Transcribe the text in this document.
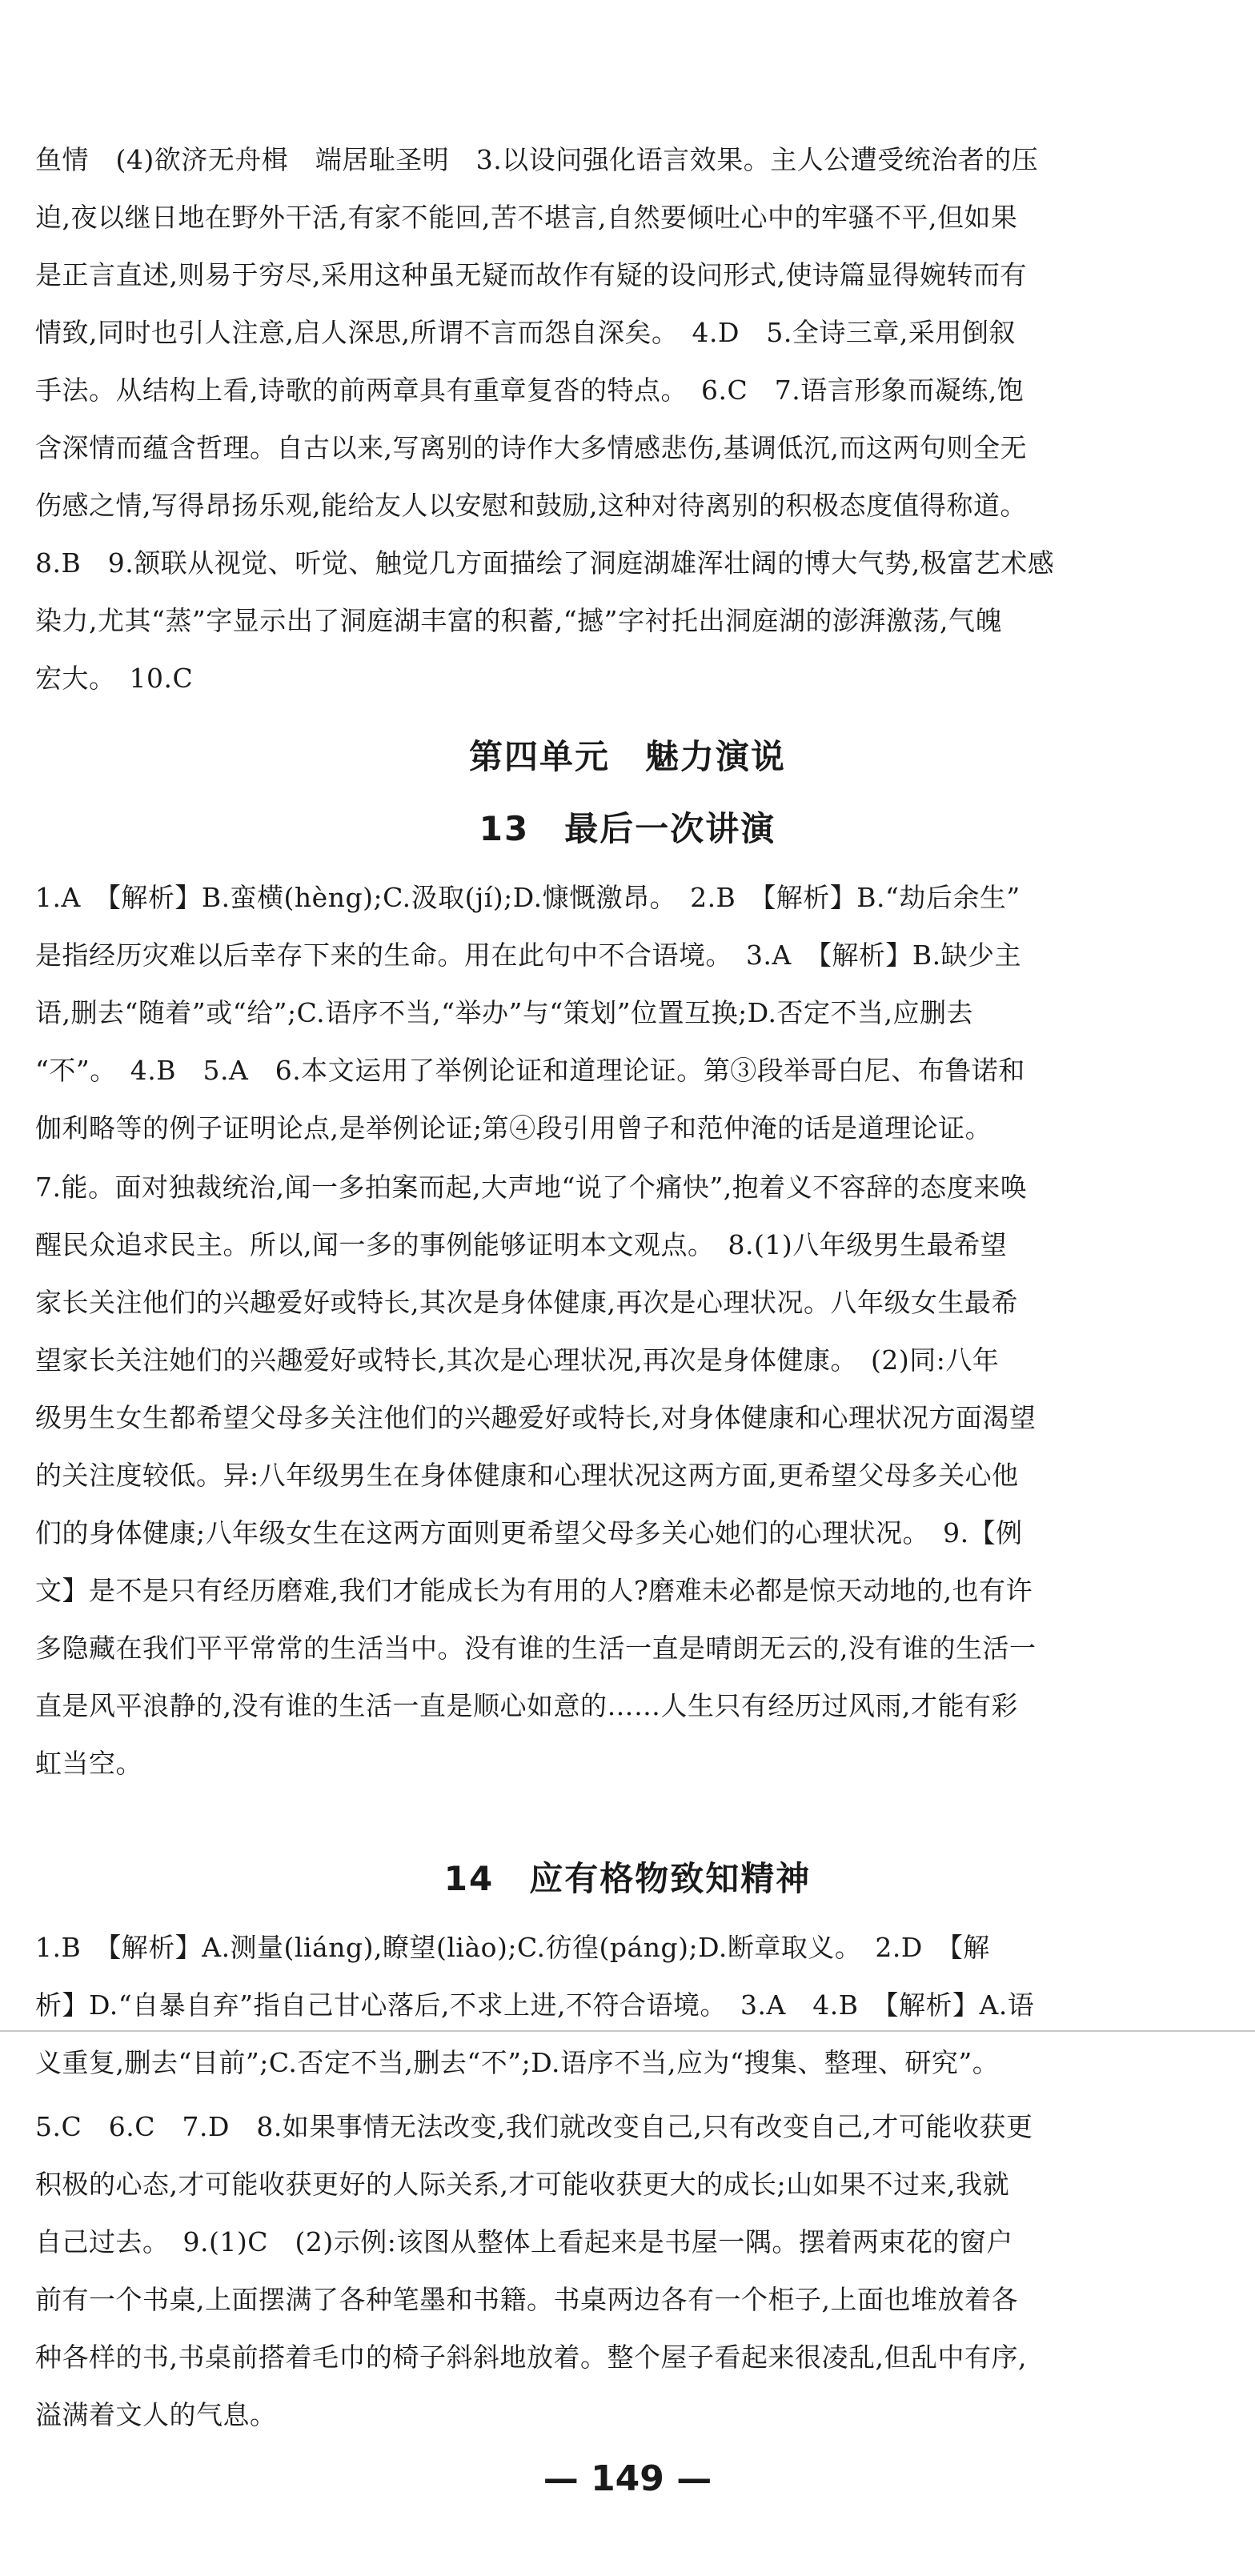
鱼情　(4)欲济无舟楫　端居耻圣明　3.以设问强化语言效果。主人公遭受统治者的压
迫,夜以继日地在野外干活,有家不能回,苦不堪言,自然要倾吐心中的牢骚不平,但如果
是正言直述,则易于穷尽,采用这种虽无疑而故作有疑的设问形式,使诗篇显得婉转而有
情致,同时也引人注意,启人深思,所谓不言而怨自深矣。　4.D　5.全诗三章,采用倒叙
手法。从结构上看,诗歌的前两章具有重章复沓的特点。　6.C　7.语言形象而凝练,饱
含深情而蕴含哲理。自古以来,写离别的诗作大多情感悲伤,基调低沉,而这两句则全无
伤感之情,写得昂扬乐观,能给友人以安慰和鼓励,这种对待离别的积极态度值得称道。
8.B　9.颔联从视觉、听觉、触觉几方面描绘了洞庭湖雄浑壮阔的博大气势,极富艺术感
染力,尤其“蒸”字显示出了洞庭湖丰富的积蓄,“撼”字衬托出洞庭湖的澎湃激荡,气魄
宏大。　10.C
第四单元　魅力演说
13　最后一次讲演
1.A　【解析】B.蛮横(hèng);C.汲取(jí);D.慷慨激昂。　2.B　【解析】B.“劫后余生”
是指经历灾难以后幸存下来的生命。用在此句中不合语境。　3.A　【解析】B.缺少主
语,删去“随着”或“给”;C.语序不当,“举办”与“策划”位置互换;D.否定不当,应删去
“不”。　4.B　5.A　6.本文运用了举例论证和道理论证。第③段举哥白尼、布鲁诺和
伽利略等的例子证明论点,是举例论证;第④段引用曾子和范仲淹的话是道理论证。
7.能。面对独裁统治,闻一多拍案而起,大声地“说了个痛快”,抱着义不容辞的态度来唤
醒民众追求民主。所以,闻一多的事例能够证明本文观点。　8.(1)八年级男生最希望
家长关注他们的兴趣爱好或特长,其次是身体健康,再次是心理状况。八年级女生最希
望家长关注她们的兴趣爱好或特长,其次是心理状况,再次是身体健康。　(2)同:八年
级男生女生都希望父母多关注他们的兴趣爱好或特长,对身体健康和心理状况方面渴望
的关注度较低。异:八年级男生在身体健康和心理状况这两方面,更希望父母多关心他
们的身体健康;八年级女生在这两方面则更希望父母多关心她们的心理状况。　9.【例
文】是不是只有经历磨难,我们才能成长为有用的人?磨难未必都是惊天动地的,也有许
多隐藏在我们平平常常的生活当中。没有谁的生活一直是晴朗无云的,没有谁的生活一
直是风平浪静的,没有谁的生活一直是顺心如意的……人生只有经历过风雨,才能有彩
虹当空。
14　应有格物致知精神
1.B　【解析】A.测量(liáng),瞭望(liào);C.彷徨(páng);D.断章取义。　2.D　【解
析】D.“自暴自弃”指自己甘心落后,不求上进,不符合语境。　3.A　4.B　【解析】A.语
义重复,删去“目前”;C.否定不当,删去“不”;D.语序不当,应为“搜集、整理、研究”。
5.C　6.C　7.D　8.如果事情无法改变,我们就改变自己,只有改变自己,才可能收获更
积极的心态,才可能收获更好的人际关系,才可能收获更大的成长;山如果不过来,我就
自己过去。　9.(1)C　(2)示例:该图从整体上看起来是书屋一隅。摆着两束花的窗户
前有一个书桌,上面摆满了各种笔墨和书籍。书桌两边各有一个柜子,上面也堆放着各
种各样的书,书桌前搭着毛巾的椅子斜斜地放着。整个屋子看起来很凌乱,但乱中有序,
溢满着文人的气息。
— 149 —
